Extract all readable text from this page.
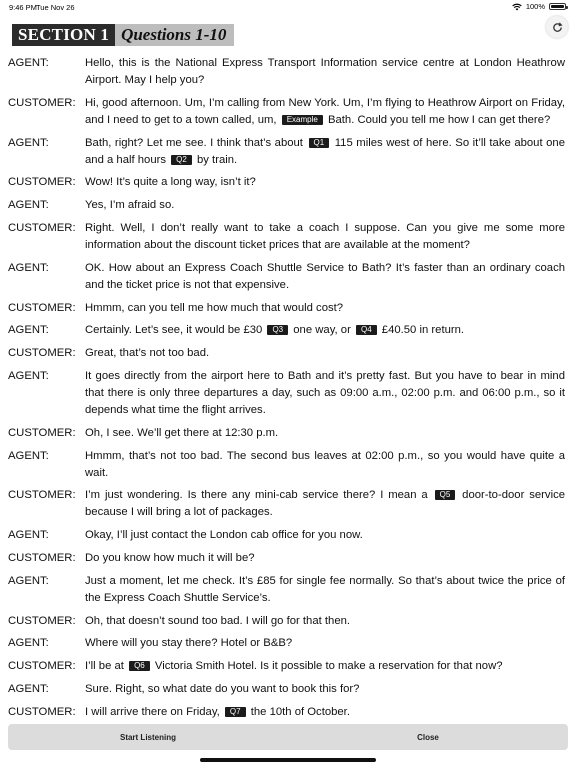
9:46 PM Tue Nov 26	100%
SECTION 1 Questions 1-10
AGENT:	Hello, this is the National Express Transport Information service centre at London Heathrow Airport. May I help you?
CUSTOMER: Hi, good afternoon. Um, I’m calling from New York. Um, I’m flying to Heathrow Airport on Friday, and I need to get to a town called, um, Example Bath. Could you tell me how I can get there?
AGENT:	Bath, right? Let me see. I think that’s about Q1 115 miles west of here. So it’ll take about one and a half hours Q2 by train.
CUSTOMER: Wow! It’s quite a long way, isn’t it?
AGENT:	Yes, I’m afraid so.
CUSTOMER: Right. Well, I don’t really want to take a coach I suppose. Can you give me some more information about the discount ticket prices that are available at the moment?
AGENT:	OK. How about an Express Coach Shuttle Service to Bath? It’s faster than an ordinary coach and the ticket price is not that expensive.
CUSTOMER: Hmmm, can you tell me how much that would cost?
AGENT:	Certainly. Let’s see, it would be £30 Q3 one way, or Q4 £40.50 in return.
CUSTOMER: Great, that’s not too bad.
AGENT:	It goes directly from the airport here to Bath and it’s pretty fast. But you have to bear in mind that there is only three departures a day, such as 09:00 a.m., 02:00 p.m. and 06:00 p.m., so it depends what time the flight arrives.
CUSTOMER: Oh, I see. We’ll get there at 12:30 p.m.
AGENT:	Hmmm, that’s not too bad. The second bus leaves at 02:00 p.m., so you would have quite a wait.
CUSTOMER: I’m just wondering. Is there any mini-cab service there? I mean a Q5 door-to-door service because I will bring a lot of packages.
AGENT:	Okay, I’ll just contact the London cab office for you now.
CUSTOMER: Do you know how much it will be?
AGENT:	Just a moment, let me check. It’s £85 for single fee normally. So that’s about twice the price of the Express Coach Shuttle Service’s.
CUSTOMER: Oh, that doesn’t sound too bad. I will go for that then.
AGENT:	Where will you stay there? Hotel or B&B?
CUSTOMER: I’ll be at Q6 Victoria Smith Hotel. Is it possible to make a reservation for that now?
AGENT:	Sure. Right, so what date do you want to book this for?
CUSTOMER: I will arrive there on Friday, Q7 the 10th of October.
Start Listening	Close
